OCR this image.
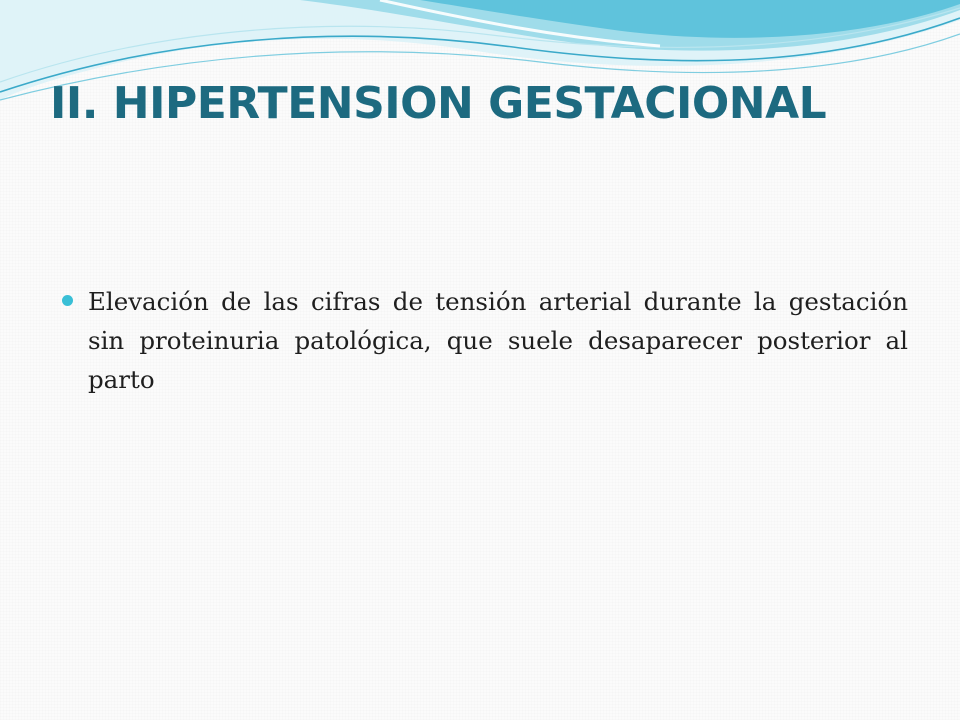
II. HIPERTENSION GESTACIONAL
Elevación de las cifras de tensión arterial durante la gestación sin proteinuria patológica, que suele desaparecer posterior al parto
